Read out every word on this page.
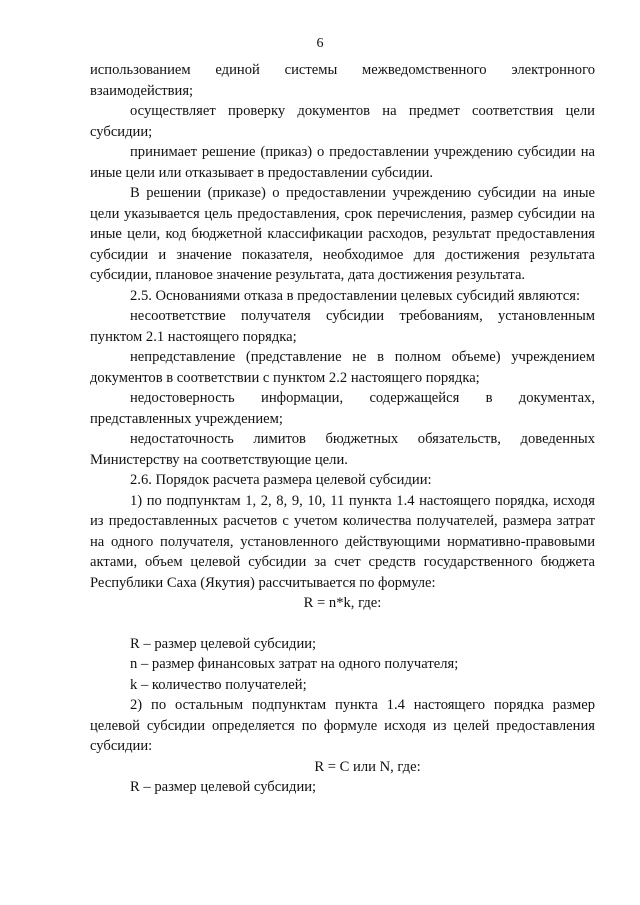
6

использованием единой системы межведомственного электронного взаимодействия;

осуществляет проверку документов на предмет соответствия цели субсидии;

принимает решение (приказ) о предоставлении учреждению субсидии на иные цели или отказывает в предоставлении субсидии.

В решении (приказе) о предоставлении учреждению субсидии на иные цели указывается цель предоставления, срок перечисления, размер субсидии на иные цели, код бюджетной классификации расходов, результат предоставления субсидии и значение показателя, необходимое для достижения результата субсидии, плановое значение результата, дата достижения результата.

2.5. Основаниями отказа в предоставлении целевых субсидий являются:

несоответствие получателя субсидии требованиям, установленным пунктом 2.1 настоящего порядка;

непредставление (представление не в полном объеме) учреждением документов в соответствии с пунктом 2.2 настоящего порядка;

недостоверность информации, содержащейся в документах, представленных учреждением;

недостаточность лимитов бюджетных обязательств, доведенных Министерству на соответствующие цели.

2.6. Порядок расчета размера целевой субсидии:

1) по подпунктам 1, 2, 8, 9, 10, 11 пункта 1.4 настоящего порядка, исходя из предоставленных расчетов с учетом количества получателей, размера затрат на одного получателя, установленного действующими нормативно-правовыми актами, объем целевой субсидии за счет средств государственного бюджета Республики Саха (Якутия) рассчитывается по формуле:

R = n*k, где:

R – размер целевой субсидии;

n – размер финансовых затрат на одного получателя;

k – количество получателей;

2) по остальным подпунктам пункта 1.4 настоящего порядка размер целевой субсидии определяется по формуле исходя из целей предоставления субсидии:

R = C или N, где:

R – размер целевой субсидии;
